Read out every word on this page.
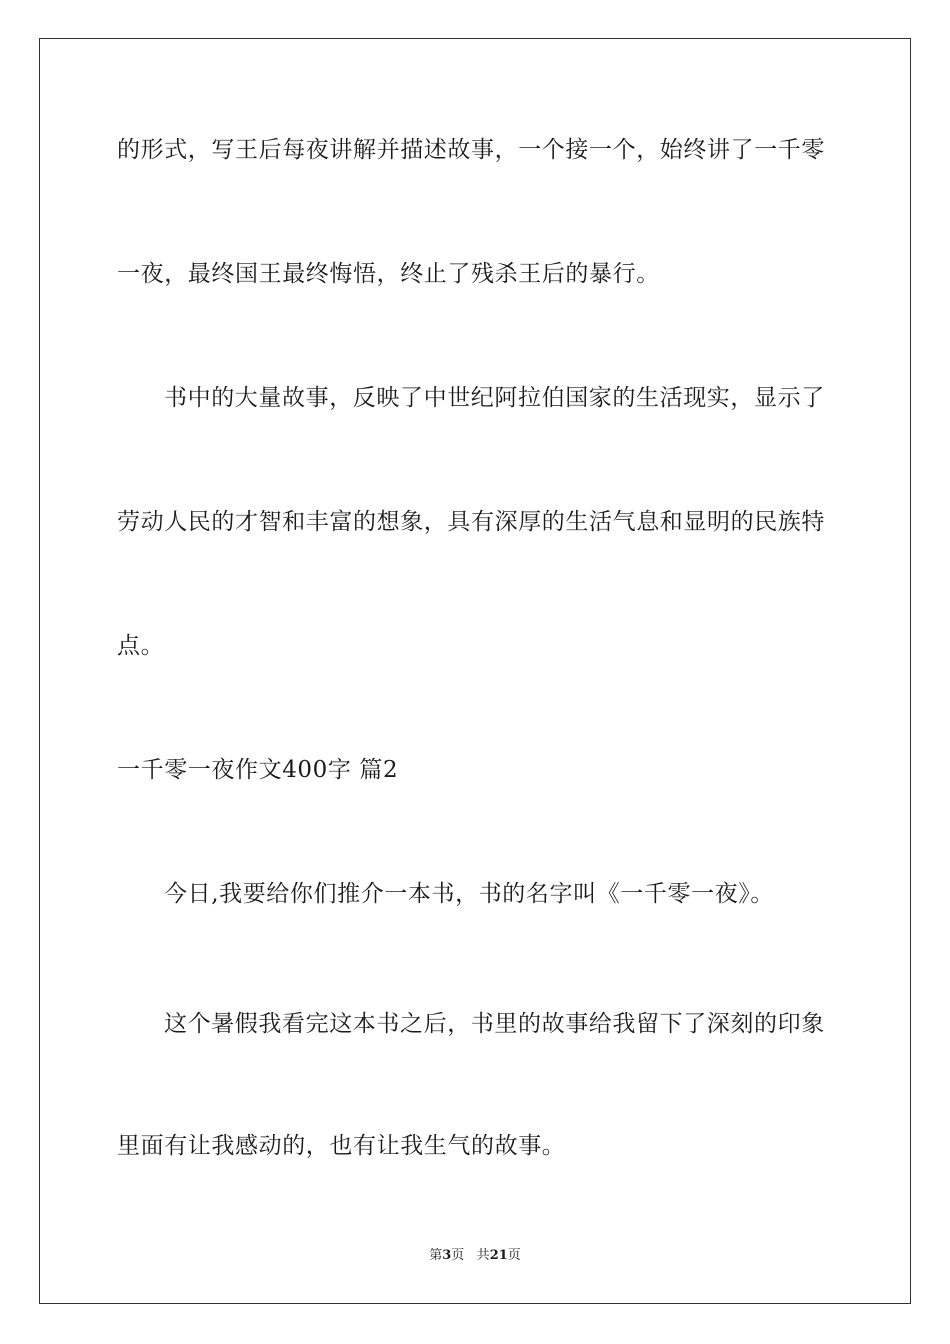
的形式，写王后每夜讲解并描述故事，一个接一个，始终讲了一千零
一夜，最终国王最终悔悟，终止了残杀王后的暴行。
书中的大量故事，反映了中世纪阿拉伯国家的生活现实，显示了
劳动人民的才智和丰富的想象，具有深厚的生活气息和显明的民族特
点。
一千零一夜作文400字 篇2
今日,我要给你们推介一本书，书的名字叫《一千零一夜》。
这个暑假我看完这本书之后，书里的故事给我留下了深刻的印象
里面有让我感动的，也有让我生气的故事。
第3页 共21页
